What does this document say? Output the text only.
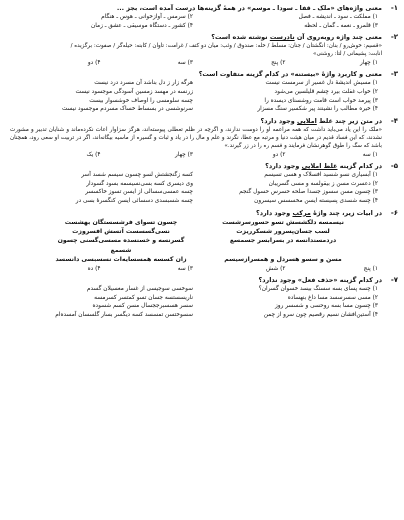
۱-
معنی واژه‌های «ملک ـ قفا ـ سودا ـ موسم» در همهٔ گزینه‌ها درست آمده است، بجز ...
۱) مملکت ـ سود ـ اندیشه ـ فصل
۲) سرمس ـ آوازخوانی ـ هوس ـ هنگام
۳) قلمرو ـ نغمه ـ گمان ـ لحظه
۴) کشور ـ دستگاه موسیقی ـ عشق ـ زمان
۲-
معنی چند واژه روبه‌روی آن نادرست نوشته شده است؟
«قسیم: خوش‌رو / بنان: انگشتان / جنان: مسلط / خله: صندوق / وثب: میان دو کتف / غرامت: تاوان / کابنه: حیله‌گر / صفوت: برگزیده /
انابت: پشیمانی / لتا: روشنی»
۱) چهار
۲) پنج
۳) سه
۴) دو
۳-
معنی و کاربرد واژهٔ «بیستنه» در کدام گزینه متفاوت است؟
۱) مسیش اندیشهٔ دل غسیر از سرمست نیست
هرگه زار ز دل بناشد آن مسرد درد نیست
۲) خواب غفلت بیرد چشم قلیلسین می‌شود
زرنسه در مهسد زمسین آسودگی موجسود نیست
۳) پیرمد خواب است قامت روشسنای دیسده را
چسه سلومسی را اوصاف خوشسوار بیست
۴) خیره مطالب را نشینند پیر شکسیر سنگ مسزار
سرنوشسی در بسساط خساک مسردم موجسود نیست
۴-
در متن زیر چند غلط املایی وجود دارد؟
«ملک را این یاد می‌باید داشت که همه مراعمه او را دوست ندارند، و اگرچه در ظلم تعطلی پیوسته‌اند، هرگز سزاوار اعات نکرده‌ماند و شنایان تدبیر و مشورت نشدند، که این فساد قدیم در میان هیئت دنیا و مرتبه مع عطا، نگرند و علم و مال را در یاد و ثبات و گسیره از ماسیه بیگانه‌اند، اگر در تربیت او سعی رود، همچنان باشد که سگ را طوق گوهرنشان فرمایند و فسم ره را در زر گیرند.»
۱) سه
۲) دو
۳) چهار
۴) یک
۵-
در کدام گزینه غلط املایی وجود دارد؟
۱) آبسیاری نسو شسید افسلاک و هسی تسیسم
کسه زگنجشتش لسو چسون سیسم شسد آسر
۲) دعسرت مسن ز بیقولسه و مسی گسریبان
وی دیسری کسه بسی‌نسیسمه بسود گسودار
۳) چسون مسن سسوز جسدا صلحه حسرس حسول گنجم
چسه عمسی‌سسالی از ایسن تسوز خاکسسر
۴) چسه شسدی پسیسته ایسن مخسسس سیسرون
چسه شسبسدی دسسائی ایسن کنگسرهٔ بسی در
۶-
در ابیات زیر، چند واژهٔ مرکب وجود دارد؟
نیسمسه دلکشسش تسو حسورسرشست
چسون تسوای فرشسستگان بهشست
لسب جسان‌پسرور شسکرریزت
نسی‌گسسست آتسش افسروزت
دردمسندانسه در بسرابسر جسمسع
گسرنسه و خسنسده مسسی‌گسنی چسون شسمع
مسن و سسو هسردل و همسرازسیسم
زان کسسه همسسایه‌ات نسسبسی دانسسد
۱) پنج
۲) شش
۳) سه
۴) ده
۷-
در کدام گزینه «حذف فعل» وجود ندارد؟
۱) چسه پسای بسه سسنگ بیسد خسوان گسران؟
سوخسی سوجیسی از غسار مغسیلان گسدم
۲) مسی سسرسسد مسا داغ بنهساده
ناریسستسه جسان تسو کمتسر کسرمسه
۳) چسون مسا بسه روحسی و شسسر روز
سسر هسسبرججسال مسن کسم شسوده
۴) آستین‌افشان نسیم رقصیم چون سرو از چمن
سسوختسن تمسسد کسه دیگسر بسار گلسسان آمسده‌ام
